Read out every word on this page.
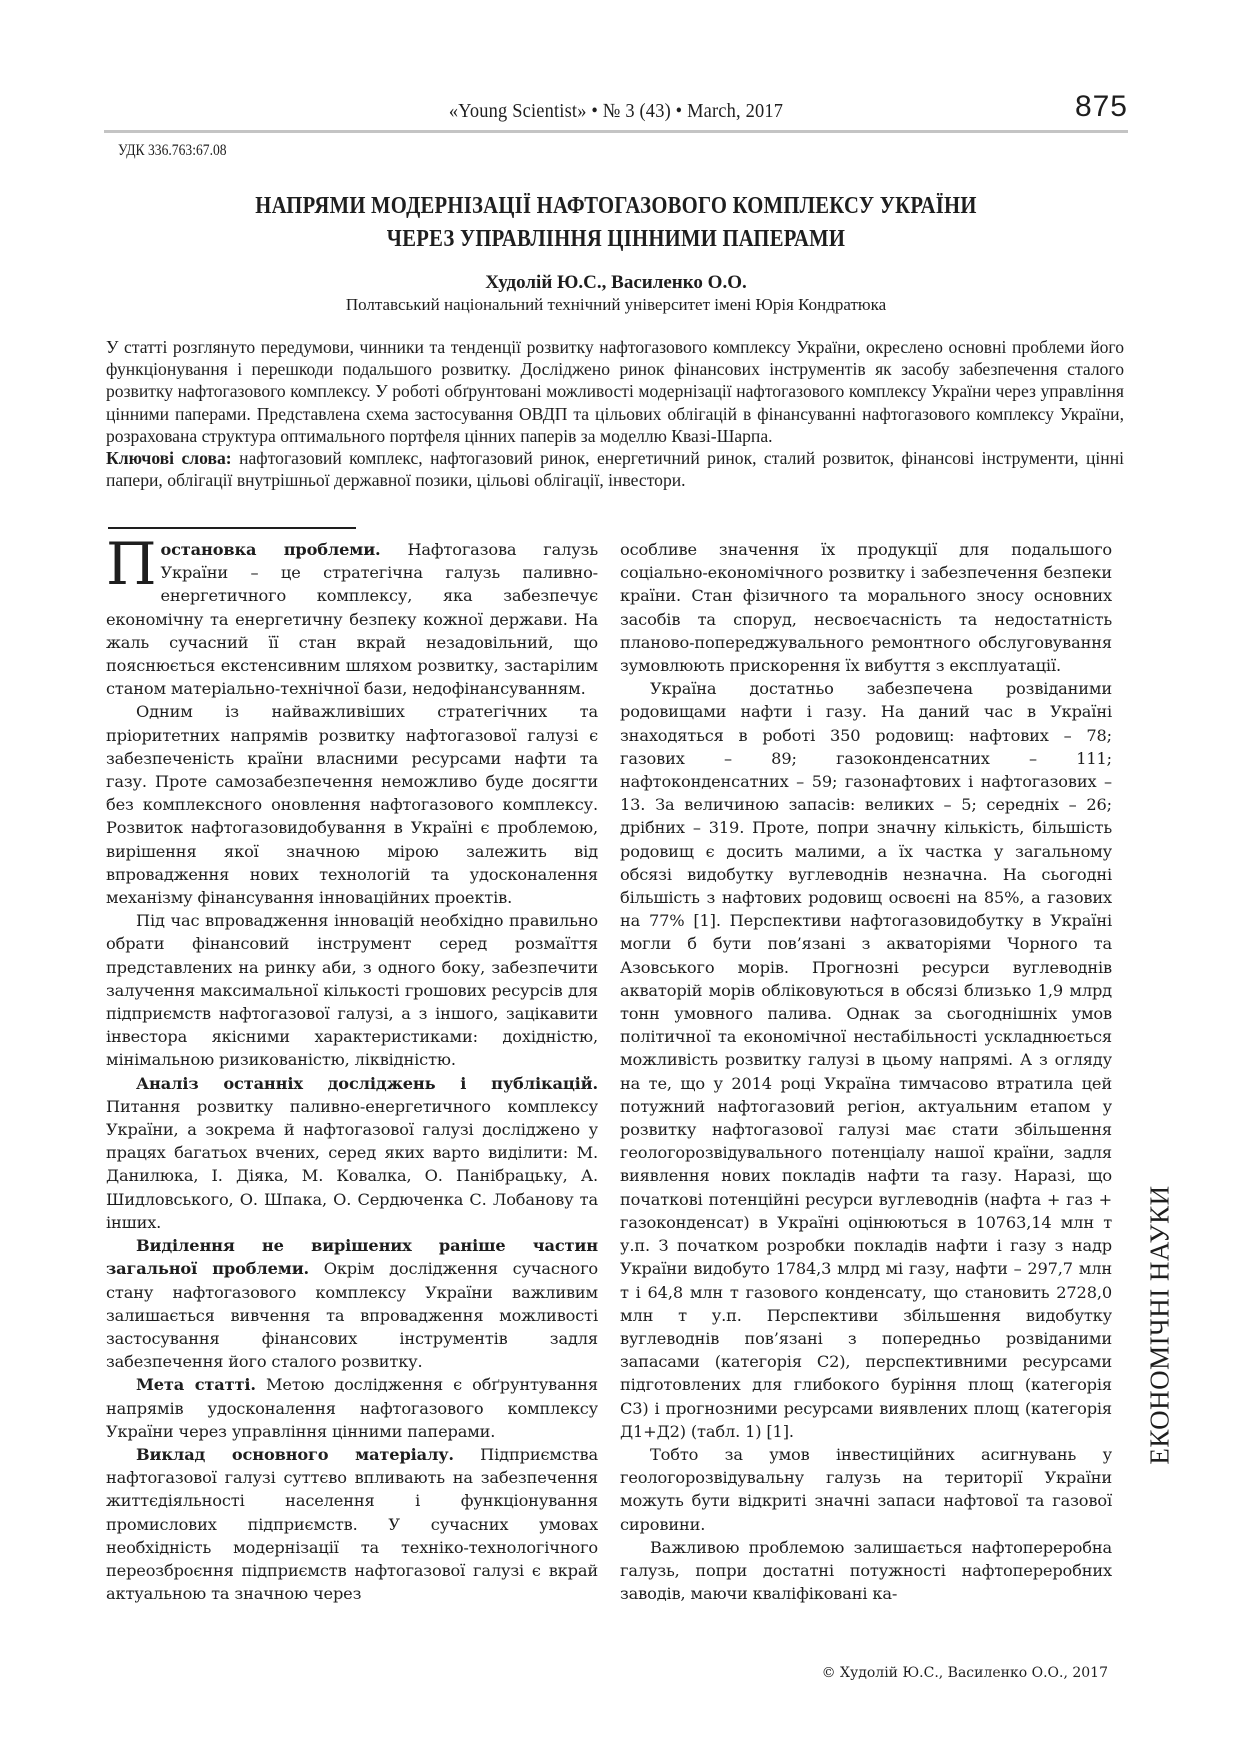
«Young Scientist» • № 3 (43) • March, 2017	875
УДК 336.763:67.08
НАПРЯМИ МОДЕРНІЗАЦІЇ НАФТОГАЗОВОГО КОМПЛЕКСУ УКРАЇНИ
ЧЕРЕЗ УПРАВЛІННЯ ЦІННИМИ ПАПЕРАМИ
Худолій Ю.С., Василенко О.О.
Полтавський національний технічний університет імені Юрія Кондратюка
У статті розглянуто передумови, чинники та тенденції розвитку нафтогазового комплексу України, окреслено основні проблеми його функціонування і перешкоди подальшого розвитку. Досліджено ринок фінансових інструментів як засобу забезпечення сталого розвитку нафтогазового комплексу. У роботі обґрунтовані можливості модернізації нафтогазового комплексу України через управління цінними паперами. Представлена схема застосування ОВДП та цільових облігацій в фінансуванні нафтогазового комплексу України, розрахована структура оптимального портфеля цінних паперів за моделлю Квазі-Шарпа.
Ключові слова: нафтогазовий комплекс, нафтогазовий ринок, енергетичний ринок, сталий розвиток, фінансові інструменти, цінні папери, облігації внутрішньої державної позики, цільові облігації, інвестори.

Постановка проблеми. Нафтогазова галузь України – це стратегічна галузь паливно-енергетичного комплексу, яка забезпечує економічну та енергетичну безпеку кожної держави. На жаль сучасний її стан вкрай незадовільний, що пояснюється екстенсивним шляхом розвитку, застарілим станом матеріально-технічної бази, недофінансуванням.

Одним із найважливіших стратегічних та пріоритетних напрямів розвитку нафтогазової галузі є забезпеченість країни власними ресурсами нафти та газу. Проте самозабезпечення неможливо буде досягти без комплексного оновлення нафтогазового комплексу. Розвиток нафтогазовидобування в Україні є проблемою, вирішення якої значною мірою залежить від впровадження нових технологій та удосконалення механізму фінансування інноваційних проектів.

Під час впровадження інновацій необхідно правильно обрати фінансовий інструмент серед розмаїття представлених на ринку аби, з одного боку, забезпечити залучення максимальної кількості грошових ресурсів для підприємств нафтогазової галузі, а з іншого, зацікавити інвестора якісними характеристиками: дохідністю, мінімальною ризикованістю, ліквідністю.

Аналіз останніх досліджень і публікацій. Питання розвитку паливно-енергетичного комплексу України, а зокрема й нафтогазової галузі досліджено у працях багатьох вчених, серед яких варто виділити: М. Данилюка, І. Діяка, М. Ковалка, О. Панібрацьку, А. Шидловського, О. Шпака, О. Сердюченка С. Лобанову та інших.

Виділення не вирішених раніше частин загальної проблеми. Окрім дослідження сучасного стану нафтогазового комплексу України важливим залишається вивчення та впровадження можливості застосування фінансових інструментів задля забезпечення його сталого розвитку.

Мета статті. Метою дослідження є обґрунтування напрямів удосконалення нафтогазового комплексу України через управління цінними паперами.

Виклад основного матеріалу. Підприємства нафтогазової галузі суттєво впливають на забезпечення життєдіяльності населення і функціонування промислових підприємств. У сучасних умовах необхідність модернізації та техніко-технологічного переозброєння підприємств нафтогазової галузі є вкрай актуальною та значною через

особливе значення їх продукції для подальшого соціально-економічного розвитку і забезпечення безпеки країни. Стан фізичного та морального зносу основних засобів та споруд, несвоєчасність та недостатність планово-попереджувального ремонтного обслуговування зумовлюють прискорення їх вибуття з експлуатації.

Україна достатньо забезпечена розвіданими родовищами нафти і газу. На даний час в Україні знаходяться в роботі 350 родовищ: нафтових – 78; газових – 89; газоконденсатних – 111; нафтоконденсатних – 59; газонафтових і нафтогазових – 13. За величиною запасів: великих – 5; середніх – 26; дрібних – 319. Проте, попри значну кількість, більшість родовищ є досить малими, а їх частка у загальному обсязі видобутку вуглеводнів незначна. На сьогодні більшість з нафтових родовищ освоєні на 85%, а газових на 77% [1]. Перспективи нафтогазовидобутку в Україні могли б бути пов’язані з акваторіями Чорного та Азовського морів. Прогнозні ресурси вуглеводнів акваторій морів обліковуються в обсязі близько 1,9 млрд тонн умовного палива. Однак за сьогоднішніх умов політичної та економічної нестабільності ускладнюється можливість розвитку галузі в цьому напрямі. А з огляду на те, що у 2014 році Україна тимчасово втратила цей потужний нафтогазовий регіон, актуальним етапом у розвитку нафтогазової галузі має стати збільшення геологорозвідувального потенціалу нашої країни, задля виявлення нових покладів нафти та газу. Наразі, що початкові потенційні ресурси вуглеводнів (нафта + газ + газоконденсат) в Україні оцінюються в 10763,14 млн т у.п. З початком розробки покладів нафти і газу з надр України видобуто 1784,3 млрд мі газу, нафти – 297,7 млн т і 64,8 млн т газового конденсату, що становить 2728,0 млн т у.п. Перспективи збільшення видобутку вуглеводнів пов’язані з попередньо розвіданими запасами (категорія С2), перспективними ресурсами підготовлених для глибокого буріння площ (категорія С3) і прогнозними ресурсами виявлених площ (категорія Д1+Д2) (табл. 1) [1].

Тобто за умов інвестиційних асигнувань у геологорозвідувальну галузь на території України можуть бути відкриті значні запаси нафтової та газової сировини.

Важливою проблемою залишається нафтопереробна галузь, попри достатні потужності нафтопереробних заводів, маючи кваліфіковані ка-

ЕКОНОМІЧНІ НАУКИ
© Худолій Ю.С., Василенко О.О., 2017
